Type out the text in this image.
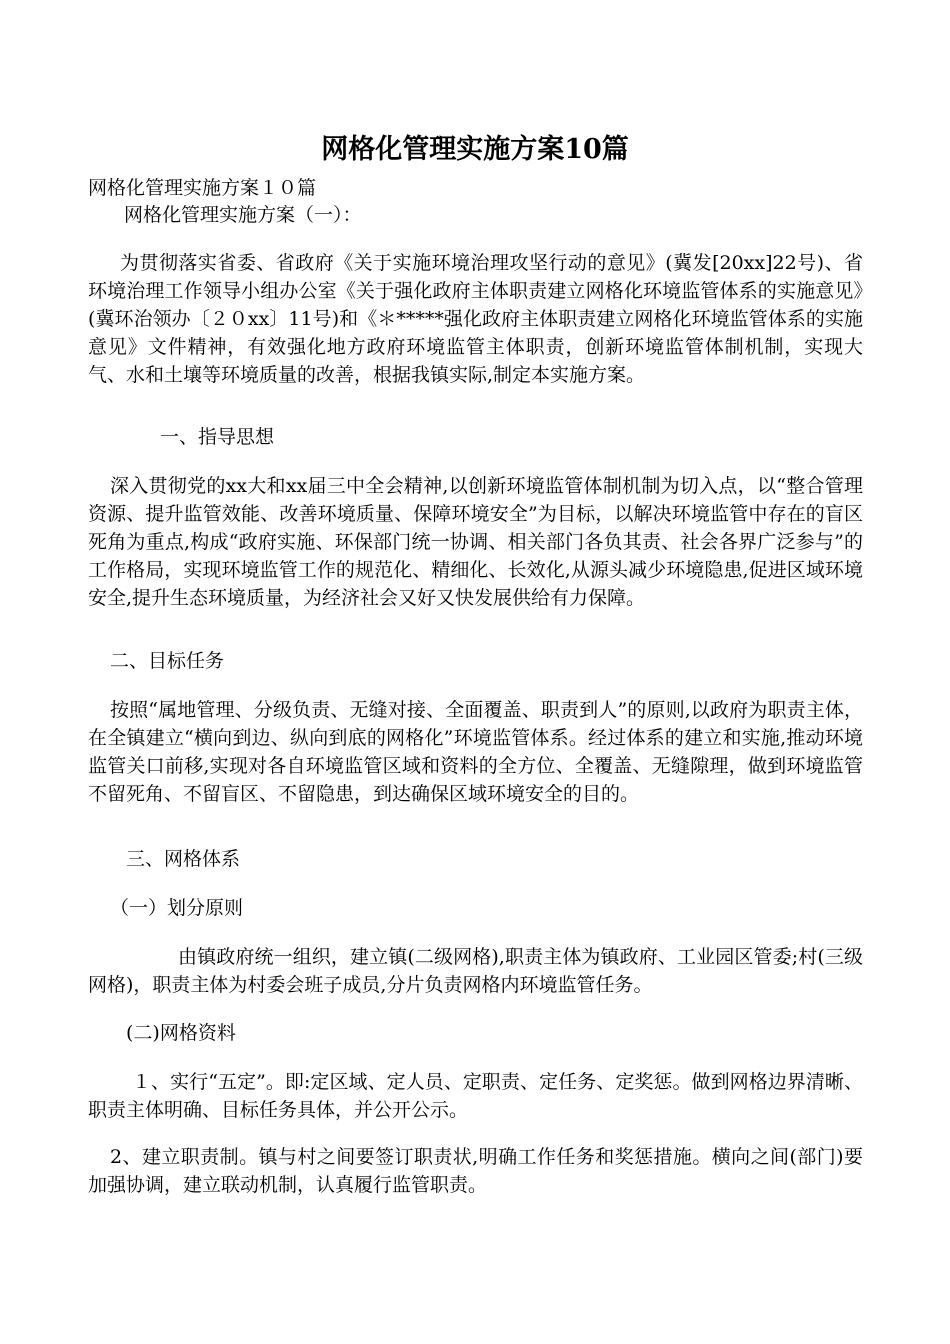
网格化管理实施方案10篇
网格化管理实施方案１０篇
网格化管理实施方案（一）：
为贯彻落实省委、省政府《关于实施环境治理攻坚行动的意见》(冀发[20xx]22号)、省环境治理工作领导小组办公室《关于强化政府主体职责建立网格化环境监管体系的实施意见》(冀环治领办〔２０xx〕11号)和《＊*****强化政府主体职责建立网格化环境监管体系的实施意见》文件精神，有效强化地方政府环境监管主体职责，创新环境监管体制机制，实现大气、水和土壤等环境质量的改善，根据我镇实际,制定本实施方案。
一、指导思想
深入贯彻党的xx大和xx届三中全会精神,以创新环境监管体制机制为切入点，以“整合管理资源、提升监管效能、改善环境质量、保障环境安全”为目标，以解决环境监管中存在的盲区死角为重点,构成“政府实施、环保部门统一协调、相关部门各负其责、社会各界广泛参与”的工作格局，实现环境监管工作的规范化、精细化、长效化,从源头减少环境隐患,促进区域环境安全,提升生态环境质量，为经济社会又好又快发展供给有力保障。
二、目标任务
按照“属地管理、分级负责、无缝对接、全面覆盖、职责到人”的原则,以政府为职责主体，在全镇建立“横向到边、纵向到底的网格化”环境监管体系。经过体系的建立和实施,推动环境监管关口前移,实现对各自环境监管区域和资料的全方位、全覆盖、无缝隙理，做到环境监管不留死角、不留盲区、不留隐患，到达确保区域环境安全的目的。
三、网格体系
（一）划分原则
由镇政府统一组织，建立镇(二级网格),职责主体为镇政府、工业园区管委;村(三级网格)，职责主体为村委会班子成员,分片负责网格内环境监管任务。
(二)网格资料
１、实行“五定”。即:定区域、定人员、定职责、定任务、定奖惩。做到网格边界清晰、职责主体明确、目标任务具体，并公开公示。
2、建立职责制。镇与村之间要签订职责状,明确工作任务和奖惩措施。横向之间(部门)要加强协调，建立联动机制，认真履行监管职责。
